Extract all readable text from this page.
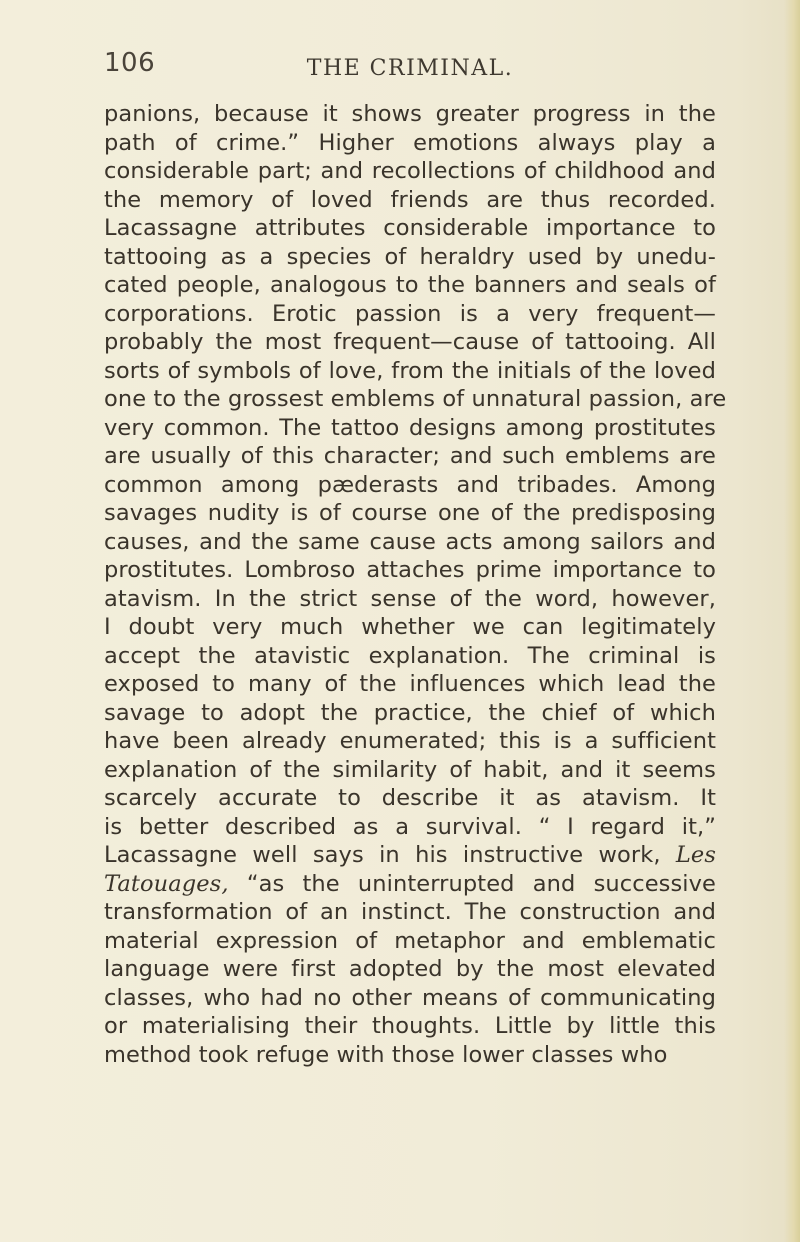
106	THE CRIMINAL.
panions, because it shows greater progress in the
path of crime.” Higher emotions always play a
considerable part; and recollections of childhood and
the memory of loved friends are thus recorded.
Lacassagne attributes considerable importance to
tattooing as a species of heraldry used by unedu-
cated people, analogous to the banners and seals of
corporations. Erotic passion is a very frequent—
probably the most frequent—cause of tattooing. All
sorts of symbols of love, from the initials of the loved
one to the grossest emblems of unnatural passion, are
very common. The tattoo designs among prostitutes
are usually of this character; and such emblems are
common among pæderasts and tribades. Among
savages nudity is of course one of the predisposing
causes, and the same cause acts among sailors and
prostitutes. Lombroso attaches prime importance to
atavism. In the strict sense of the word, however,
I doubt very much whether we can legitimately
accept the atavistic explanation. The criminal is
exposed to many of the influences which lead the
savage to adopt the practice, the chief of which
have been already enumerated; this is a sufficient
explanation of the similarity of habit, and it seems
scarcely accurate to describe it as atavism. It
is better described as a survival. “ I regard it,”
Lacassagne well says in his instructive work, Les
Tatouages, “as the uninterrupted and successive
transformation of an instinct. The construction and
material expression of metaphor and emblematic
language were first adopted by the most elevated
classes, who had no other means of communicating
or materialising their thoughts. Little by little this
method took refuge with those lower classes who
